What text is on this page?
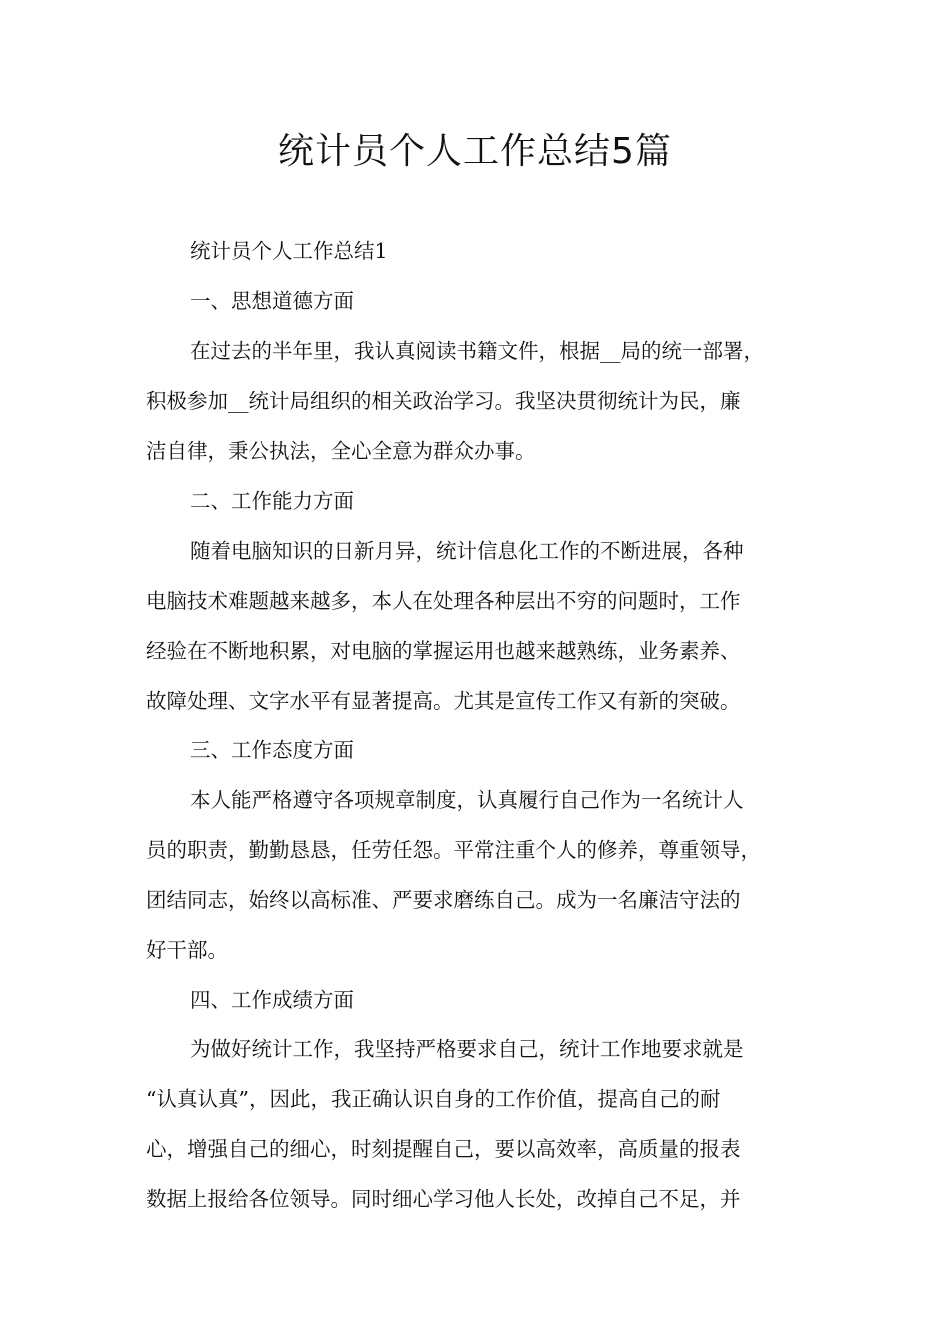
统计员个人工作总结5篇

统计员个人工作总结1

一、思想道德方面

在过去的半年里，我认真阅读书籍文件，根据__局的统一部署，

积极参加__统计局组织的相关政治学习。我坚决贯彻统计为民，廉

洁自律，秉公执法，全心全意为群众办事。

二、工作能力方面

随着电脑知识的日新月异，统计信息化工作的不断进展，各种

电脑技术难题越来越多，本人在处理各种层出不穷的问题时，工作

经验在不断地积累，对电脑的掌握运用也越来越熟练，业务素养、

故障处理、文字水平有显著提高。尤其是宣传工作又有新的突破。

三、工作态度方面

本人能严格遵守各项规章制度，认真履行自己作为一名统计人

员的职责，勤勤恳恳，任劳任怨。平常注重个人的修养，尊重领导，

团结同志，始终以高标准、严要求磨练自己。成为一名廉洁守法的

好干部。

四、工作成绩方面

为做好统计工作，我坚持严格要求自己，统计工作地要求就是

“认真认真”，因此，我正确认识自身的工作价值，提高自己的耐

心，增强自己的细心，时刻提醒自己，要以高效率，高质量的报表

数据上报给各位领导。同时细心学习他人长处，改掉自己不足，并
